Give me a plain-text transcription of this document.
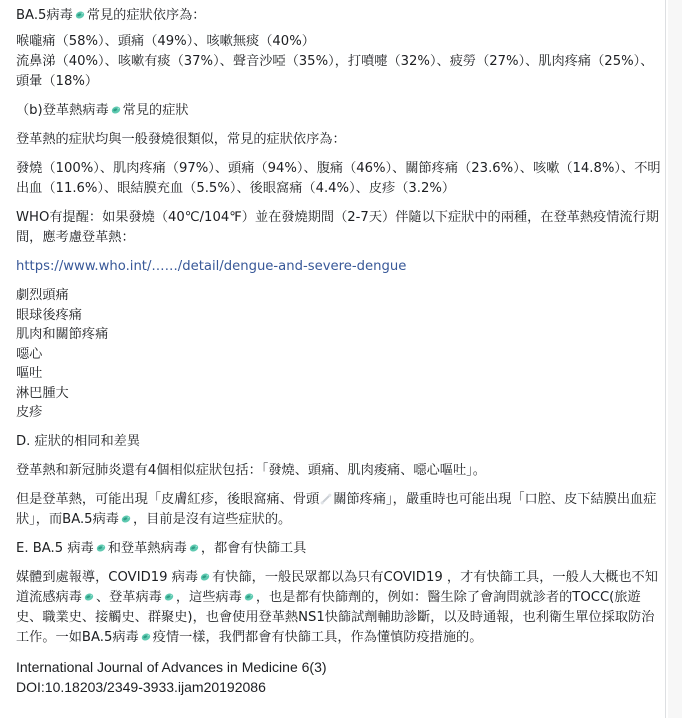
BA.5病毒 常見的症狀依序為：
喉嚨痛（58%）、頭痛（49%）、咳嗽無痰（40%）
流鼻涕（40%）、咳嗽有痰（37%）、聲音沙啞（35%），打噴嚏（32%）、疲勞（27%）、肌肉疼痛（25%）、頭暈（18%）
（b)登革熱病毒 常見的症狀
登革熱的症狀均與一般發燒很類似，常見的症狀依序為：
發燒（100%）、肌肉疼痛（97%）、頭痛（94%）、腹痛（46%）、關節疼痛（23.6%）、咳嗽（14.8%）、不明出血（11.6%）、眼結膜充血（5.5%）、後眼窩痛（4.4%）、皮疹（3.2%）
WHO有提醒：如果發燒（40℃/104℉）並在發燒期間（2-7天）伴隨以下症狀中的兩種，在登革熱疫情流行期間，應考慮登革熱：
https://www.who.int/……/detail/dengue-and-severe-dengue
劇烈頭痛
眼球後疼痛
肌肉和關節疼痛
噁心
嘔吐
淋巴腫大
皮疹
D. 症狀的相同和差異
登革熱和新冠肺炎還有4個相似症狀包括：「發燒、頭痛、肌肉痠痛、噁心嘔吐」。
但是登革熱，可能出現「皮膚紅疹，後眼窩痛、骨頭 關節疼痛」，嚴重時也可能出現「口腔、皮下結膜出血症狀」，而BA.5病毒 ，目前是沒有這些症狀的。
E. BA.5 病毒 和登革熱病毒 ，都會有快篩工具
媒體到處報導，COVID19 病毒 有快篩，一般民眾都以為只有COVID19 ，才有快篩工具，一般人大概也不知道流感病毒 、登革病毒 ，這些病毒 ，也是都有快篩劑的，例如：醫生除了會詢問就診者的TOCC(旅遊史、職業史、接觸史、群聚史)，也會使用登革熱NS1快篩試劑輔助診斷，以及時通報，也利衛生單位採取防治工作。一如BA.5病毒 疫情一樣，我們都會有快篩工具，作為懂慎防疫措施的。
International Journal of Advances in Medicine 6(3)
DOI:10.18203/2349-3933.ijam20192086
